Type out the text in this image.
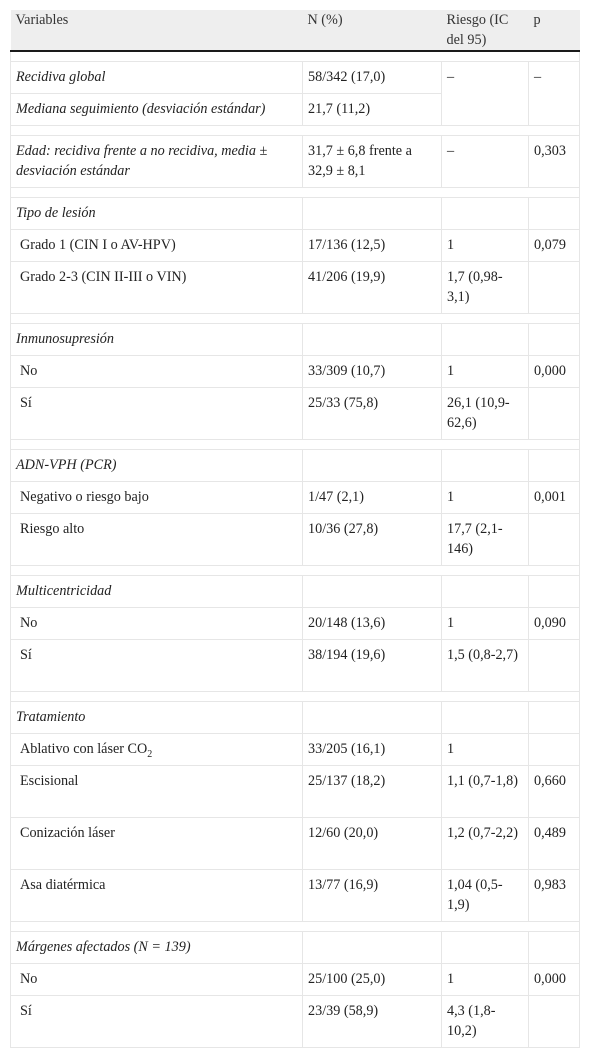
Variables	N (%)	Riesgo (IC del 95)	p

Recidiva global	58/342 (17,0)	–	–
Mediana seguimiento (desviación estándar)	21,7 (11,2)		

Edad: recidiva frente a no recidiva, media ± desviación estándar	31,7 ± 6,8 frente a 32,9 ± 8,1	–	0,303

Tipo de lesión			
Grado 1 (CIN I o AV-HPV)	17/136 (12,5)	1	0,079
Grado 2-3 (CIN II-III o VIN)	41/206 (19,9)	1,7 (0,98-3,1)	

Inmunosupresión			
No	33/309 (10,7)	1	0,000
Sí	25/33 (75,8)	26,1 (10,9-62,6)	

ADN-VPH (PCR)			
Negativo o riesgo bajo	1/47 (2,1)	1	0,001
Riesgo alto	10/36 (27,8)	17,7 (2,1-146)	

Multicentricidad			
No	20/148 (13,6)	1	0,090
Sí	38/194 (19,6)	1,5 (0,8-2,7)	

Tratamiento			
Ablativo con láser $CO_2$	33/205 (16,1)	1	
Escisional	25/137 (18,2)	1,1 (0,7-1,8)	0,660
Conización láser	12/60 (20,0)	1,2 (0,7-2,2)	0,489
Asa diatérmica	13/77 (16,9)	1,04 (0,5-1,9)	0,983

Márgenes afectados (N = 139)			
No	25/100 (25,0)	1	0,000
Sí	23/39 (58,9)	4,3 (1,8-10,2)	
